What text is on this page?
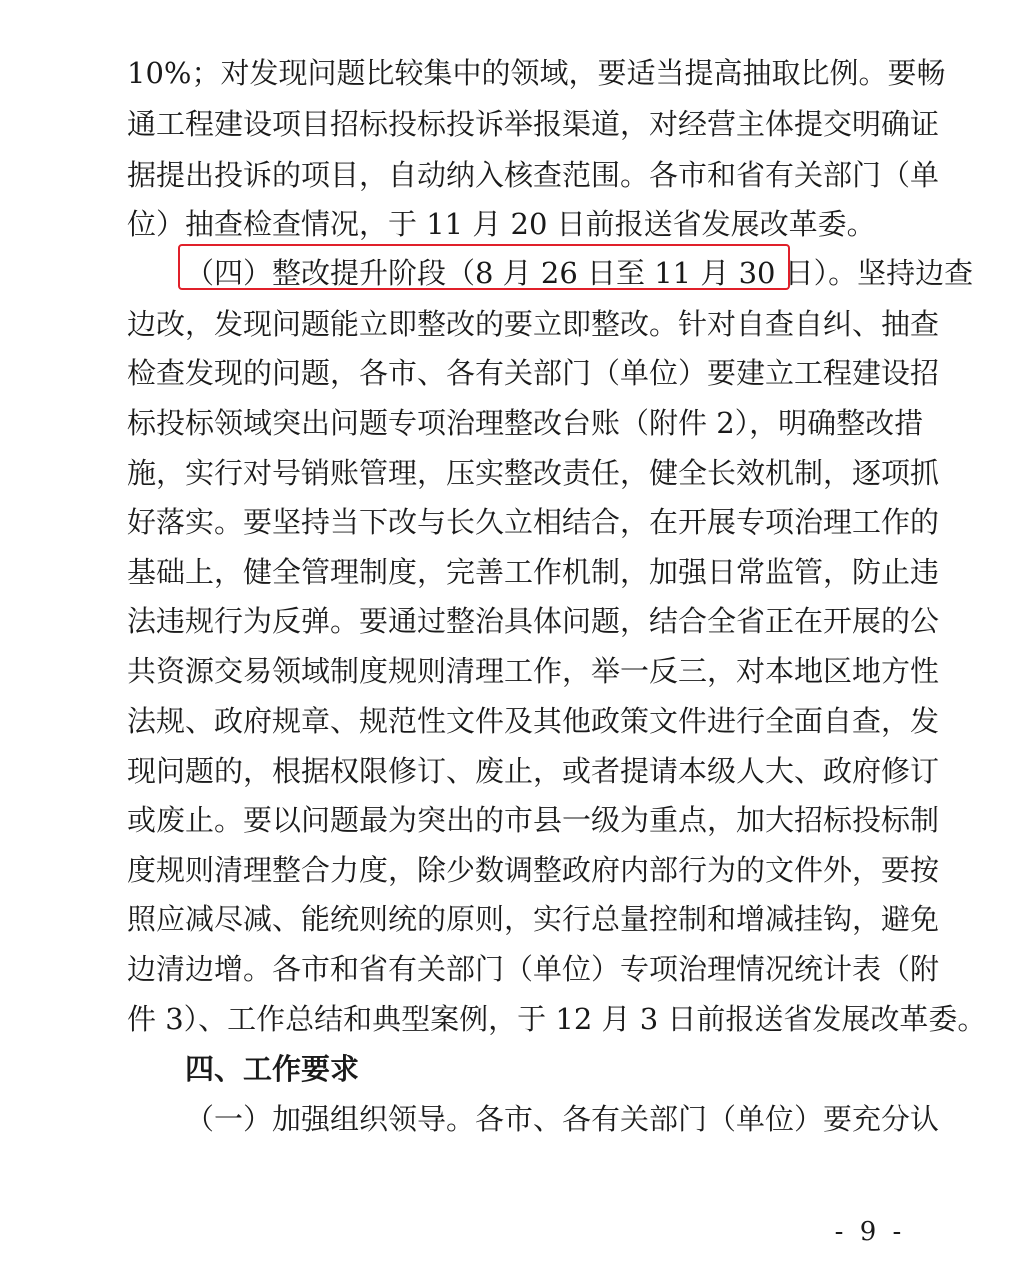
10%；对发现问题比较集中的领域，要适当提高抽取比例。要畅
通工程建设项目招标投标投诉举报渠道，对经营主体提交明确证
据提出投诉的项目，自动纳入核查范围。各市和省有关部门（单
位）抽查检查情况，于 11 月 20 日前报送省发展改革委。
（四）整改提升阶段（8 月 26 日至 11 月 30 日）。坚持边查
边改，发现问题能立即整改的要立即整改。针对自查自纠、抽查
检查发现的问题，各市、各有关部门（单位）要建立工程建设招
标投标领域突出问题专项治理整改台账（附件 2），明确整改措
施，实行对号销账管理，压实整改责任，健全长效机制，逐项抓
好落实。要坚持当下改与长久立相结合，在开展专项治理工作的
基础上，健全管理制度，完善工作机制，加强日常监管，防止违
法违规行为反弹。要通过整治具体问题，结合全省正在开展的公
共资源交易领域制度规则清理工作，举一反三，对本地区地方性
法规、政府规章、规范性文件及其他政策文件进行全面自查，发
现问题的，根据权限修订、废止，或者提请本级人大、政府修订
或废止。要以问题最为突出的市县一级为重点，加大招标投标制
度规则清理整合力度，除少数调整政府内部行为的文件外，要按
照应减尽减、能统则统的原则，实行总量控制和增减挂钩，避免
边清边增。各市和省有关部门（单位）专项治理情况统计表（附
件 3）、工作总结和典型案例，于 12 月 3 日前报送省发展改革委。
四、工作要求
（一）加强组织领导。各市、各有关部门（单位）要充分认
- 9 -
